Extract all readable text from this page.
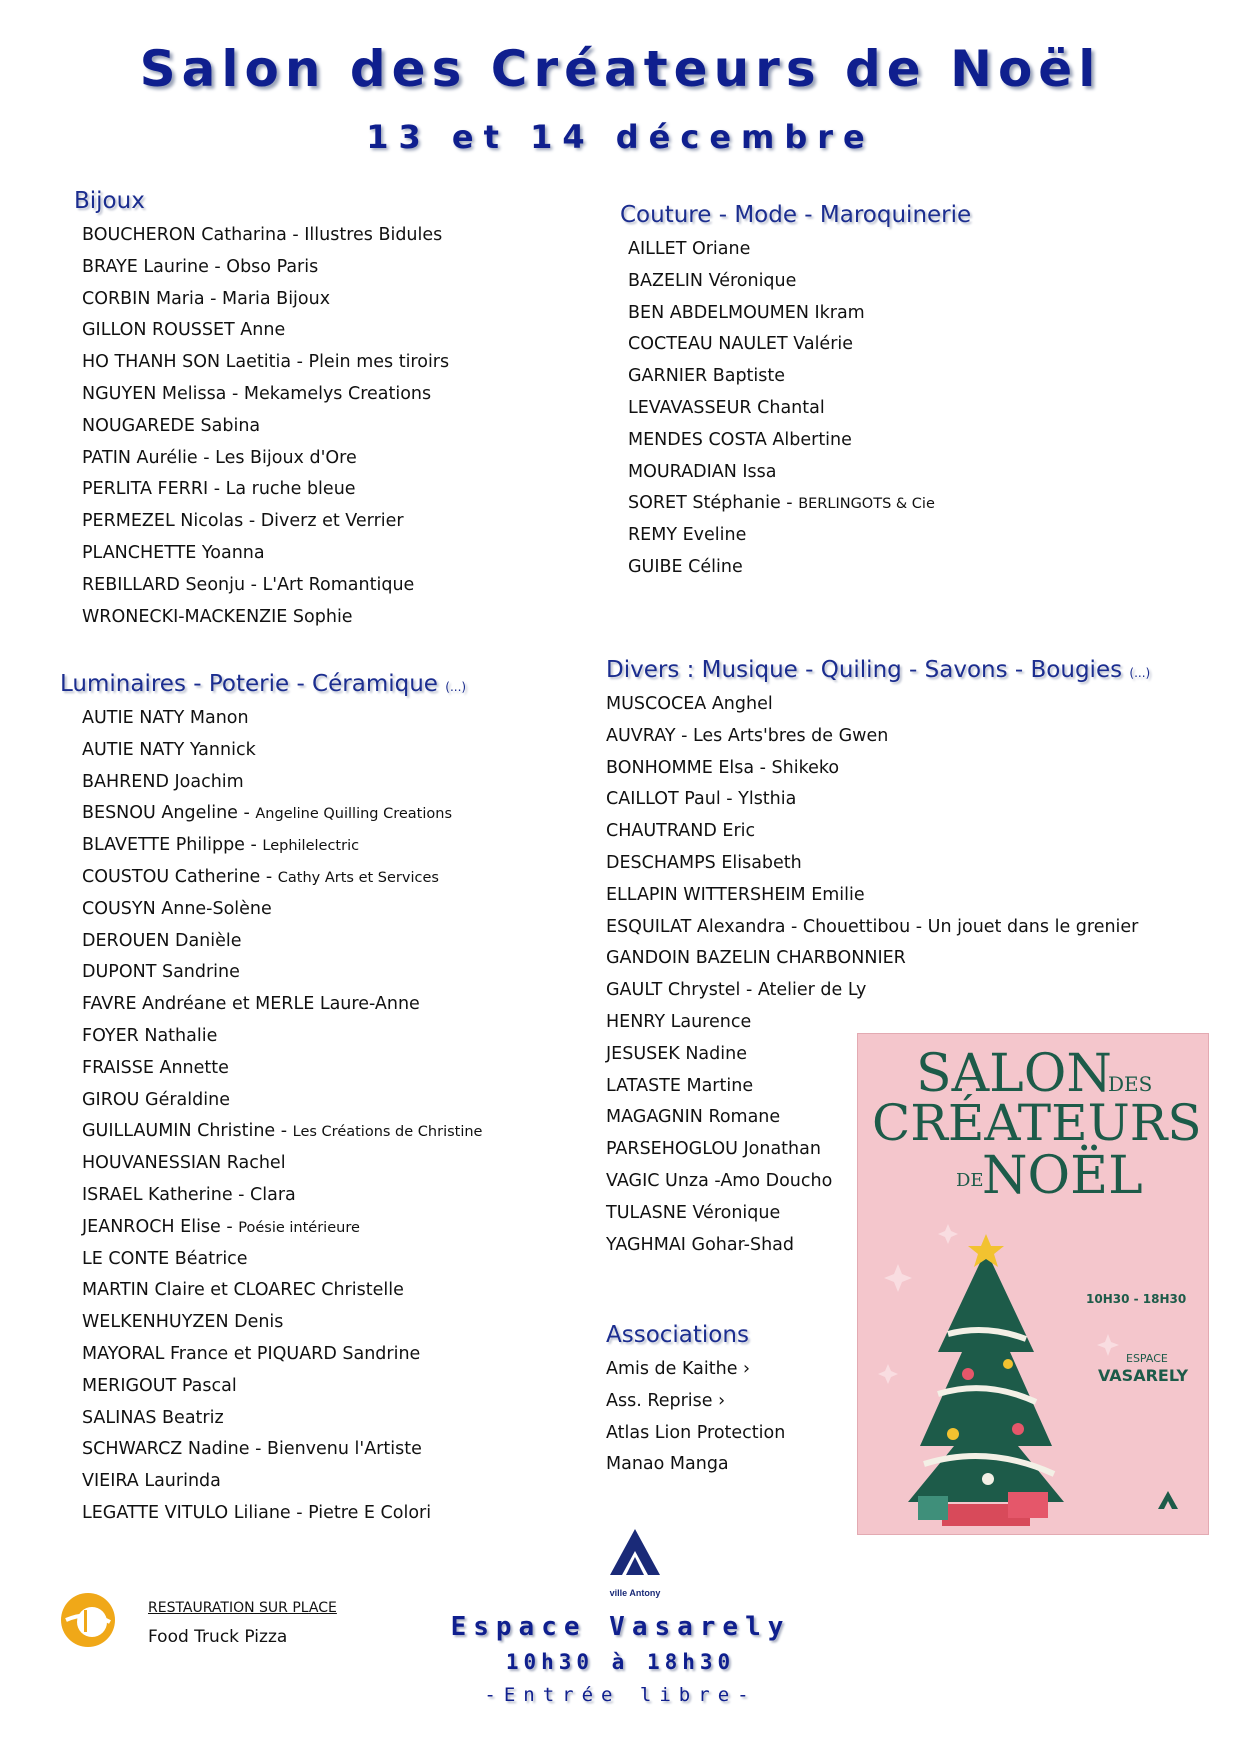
Salon des Créateurs de Noël
13 et 14 décembre
Bijoux
BOUCHERON Catharina - Illustres Bidules
BRAYE Laurine - Obso Paris
CORBIN Maria - Maria Bijoux
GILLON ROUSSET Anne
HO THANH SON Laetitia - Plein mes tiroirs
NGUYEN Melissa - Mekamelys Creations
NOUGAREDE Sabina
PATIN Aurélie - Les Bijoux d'Ore
PERLITA FERRI - La ruche bleue
PERMEZEL Nicolas - Diverz et Verrier
PLANCHETTE Yoanna
REBILLARD Seonju - L'Art Romantique
WRONECKI-MACKENZIE Sophie
Couture - Mode - Maroquinerie
AILLET Oriane
BAZELIN Véronique
BEN ABDELMOUMEN Ikram
COCTEAU NAULET Valérie
GARNIER Baptiste
LEVAVASSEUR Chantal
MENDES COSTA Albertine
MOURADIAN Issa
SORET Stéphanie - BERLINGOTS & Cie
REMY Eveline
GUIBE Céline
Luminaires - Poterie - Céramique (...)
AUTIE NATY Manon
AUTIE NATY Yannick
BAHREND Joachim
BESNOU Angeline - Angeline Quilling Creations
BLAVETTE Philippe - Lephilelectric
COUSTOU Catherine - Cathy Arts et Services
COUSYN Anne-Solène
DEROUEN Danièle
DUPONT Sandrine
FAVRE Andréane et MERLE Laure-Anne
FOYER Nathalie
FRAISSE Annette
GIROU Géraldine
GUILLAUMIN Christine - Les Créations de Christine
HOUVANESSIAN Rachel
ISRAEL Katherine - Clara
JEANROCH Elise - Poésie intérieure
LE CONTE Béatrice
MARTIN Claire et CLOAREC Christelle
WELKENHUYZEN Denis
MAYORAL France et PIQUARD Sandrine
MERIGOUT Pascal
SALINAS Beatriz
SCHWARCZ Nadine - Bienvenu l'Artiste
VIEIRA Laurinda
LEGATTE VITULO Liliane - Pietre E Colori
Divers : Musique - Quiling - Savons - Bougies (...)
MUSCOCEA Anghel
AUVRAY - Les Arts'bres de Gwen
BONHOMME Elsa - Shikeko
CAILLOT Paul - Ylsthia
CHAUTRAND Eric
DESCHAMPS Elisabeth
ELLAPIN WITTERSHEIM Emilie
ESQUILAT Alexandra - Chouettibou - Un jouet dans le grenier
GANDOIN BAZELIN CHARBONNIER
GAULT Chrystel - Atelier de Ly
HENRY Laurence
JESUSEK Nadine
LATASTE Martine
MAGAGNIN Romane
PARSEHOGLOU Jonathan
VAGIC Unza -Amo Doucho
TULASNE Véronique
YAGHMAI Gohar-Shad
Associations
Amis de Kaithe ›
Ass. Reprise ›
Atlas Lion Protection
Manao Manga
SALON
DES
CRÉATEURS
DE
NOËL
10H30 - 18H30
ESPACE
VASARELY
ville Antony
RESTAURATION SUR PLACE
Food Truck Pizza	Espace Vasarely
10h30 à 18h30
-Entrée libre-
